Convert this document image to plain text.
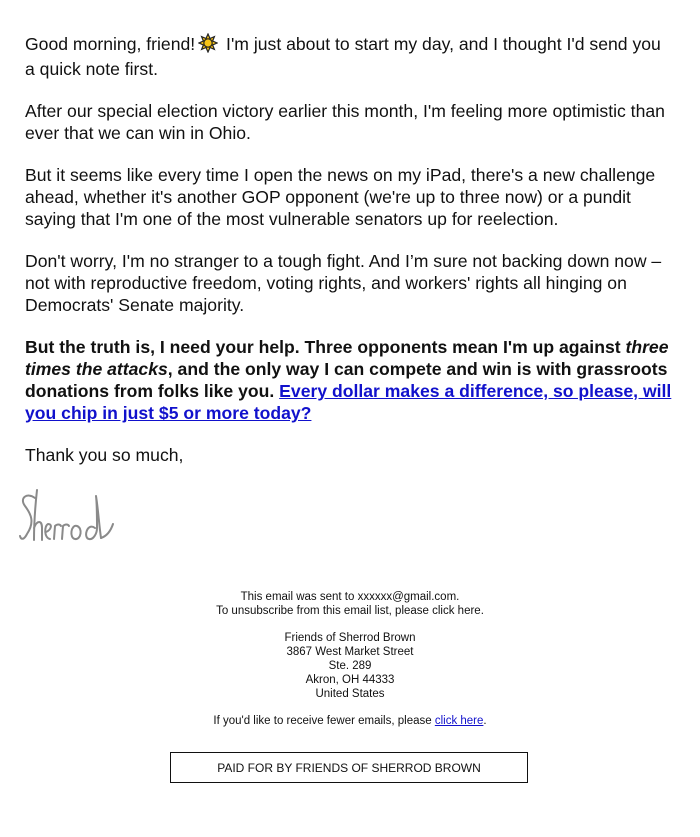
Good morning, friend! I'm just about to start my day, and I thought I'd send you a quick note first.

After our special election victory earlier this month, I'm feeling more optimistic than ever that we can win in Ohio.

But it seems like every time I open the news on my iPad, there's a new challenge ahead, whether it's another GOP opponent (we're up to three now) or a pundit saying that I'm one of the most vulnerable senators up for reelection.

Don't worry, I'm no stranger to a tough fight. And I’m sure not backing down now – not with reproductive freedom, voting rights, and workers' rights all hinging on Democrats' Senate majority.

But the truth is, I need your help. Three opponents mean I'm up against three times the attacks, and the only way I can compete and win is with grassroots donations from folks like you. Every dollar makes a difference, so please, will you chip in just $5 or more today?

Thank you so much,

This email was sent to xxxxxx@gmail.com.
To unsubscribe from this email list, please click here.
Friends of Sherrod Brown
3867 West Market Street
Ste. 289
Akron, OH 44333
United States
If you'd like to receive fewer emails, please click here.
PAID FOR BY FRIENDS OF SHERROD BROWN
